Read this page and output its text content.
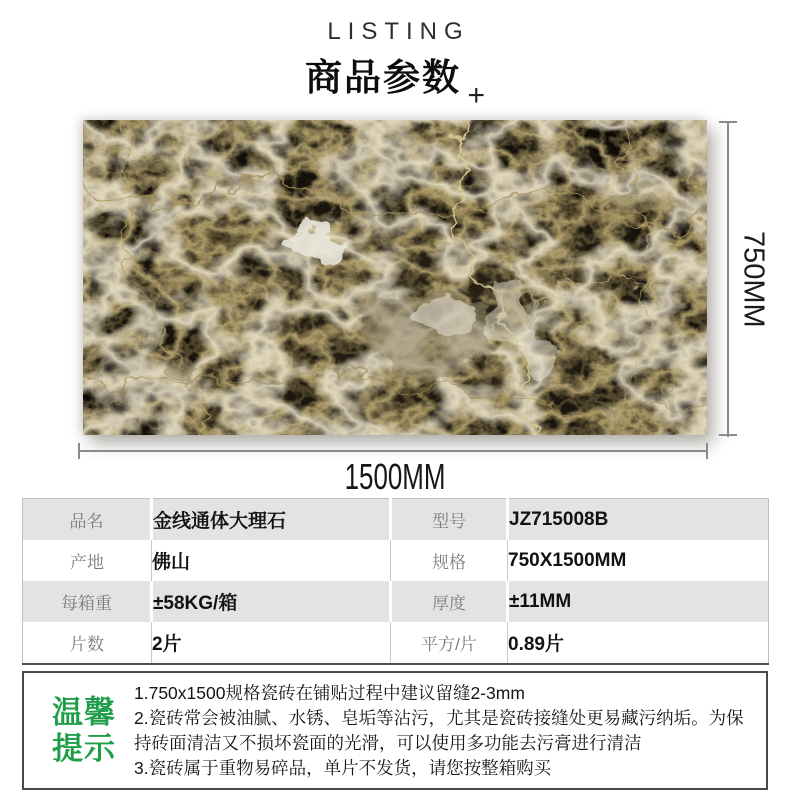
LISTING
商品参数 +
750MM
1500MM
品名	金线通体大理石	型号	JZ715008B
产地	佛山	规格	750X1500MM
每箱重	±58KG/箱	厚度	±11MM
片数	2片	平方/片	0.89片
温馨
提示
1.750x1500规格瓷砖在铺贴过程中建议留缝2-3mm
2.瓷砖常会被油腻、水锈、皂垢等沾污，尤其是瓷砖接缝处更易藏污纳垢。为保持砖面清洁又不损坏瓷面的光滑，可以使用多功能去污膏进行清洁
3.瓷砖属于重物易碎品，单片不发货，请您按整箱购买
